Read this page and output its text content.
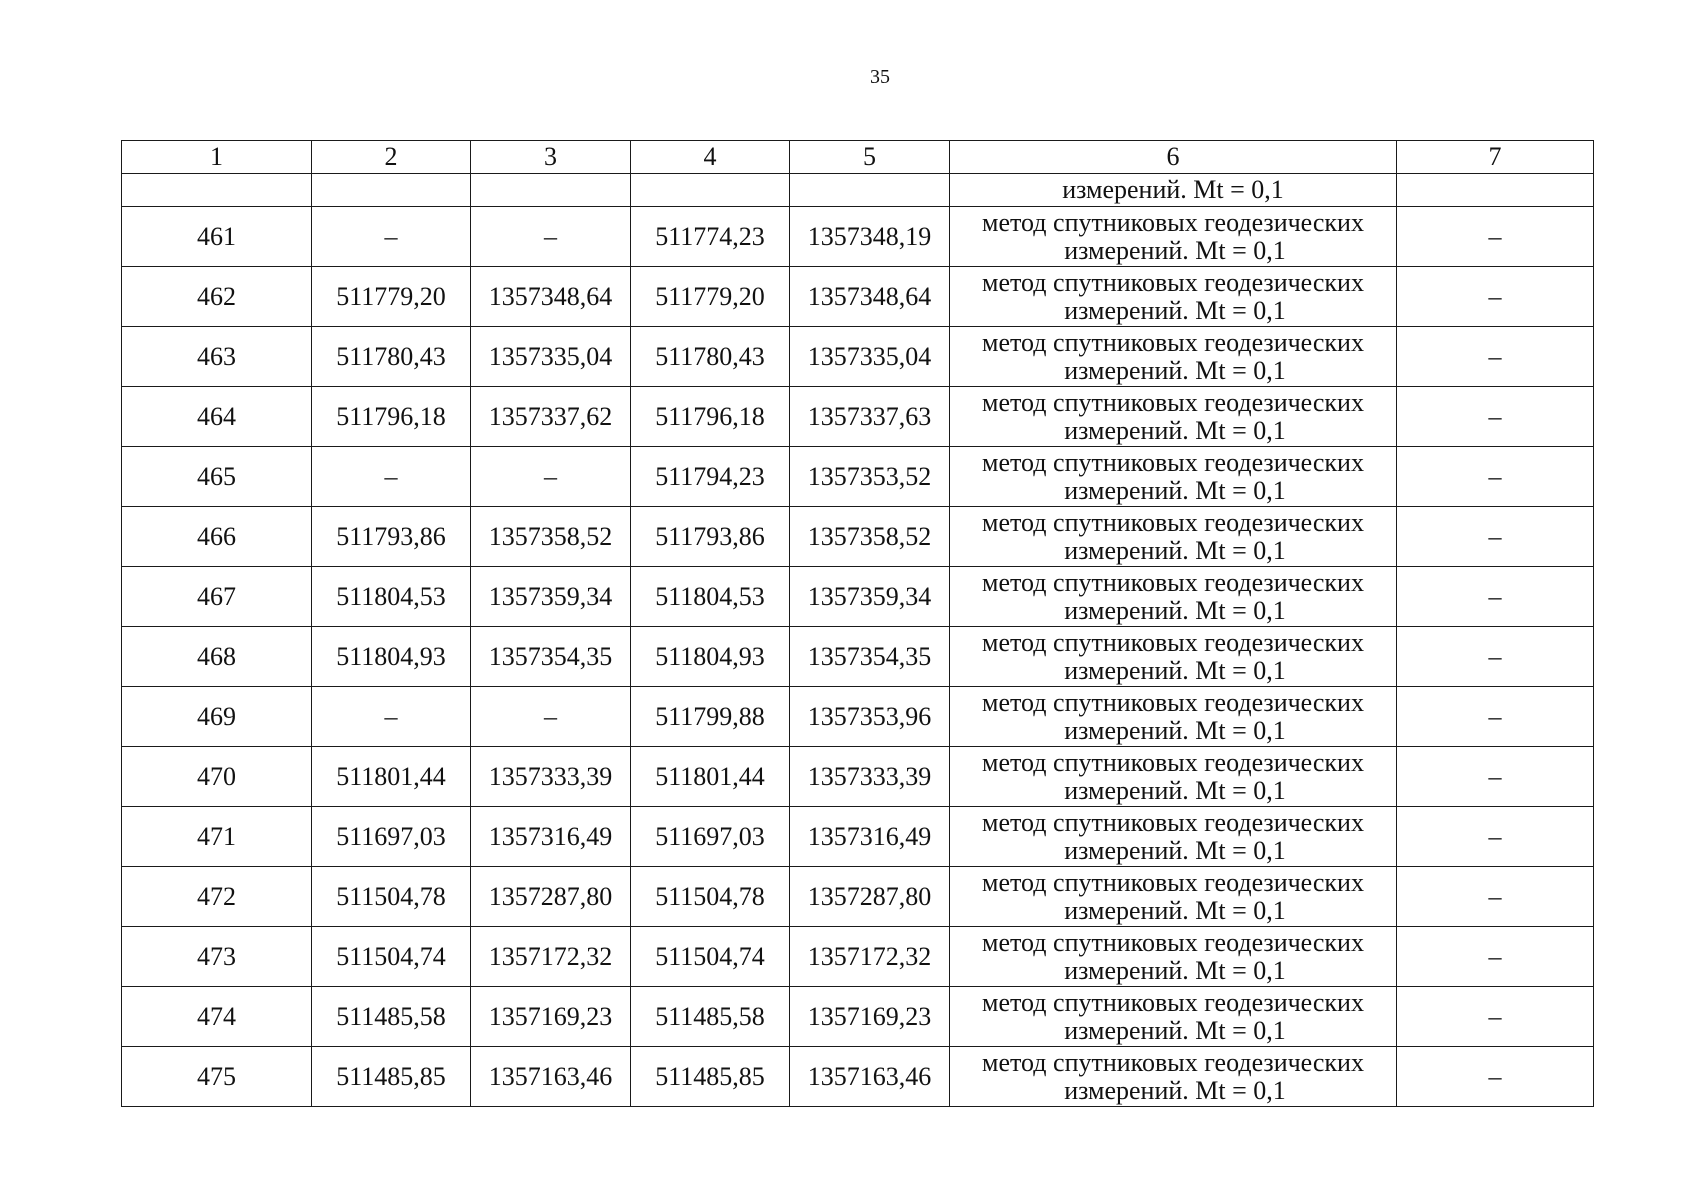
35
1	2	3	4	5	6	7
					измерений. Mt = 0,1	
461	–	–	511774,23	1357348,19	метод спутниковых геодезических
измерений. Mt = 0,1	–
462	511779,20	1357348,64	511779,20	1357348,64	метод спутниковых геодезических
измерений. Mt = 0,1	–
463	511780,43	1357335,04	511780,43	1357335,04	метод спутниковых геодезических
измерений. Mt = 0,1	–
464	511796,18	1357337,62	511796,18	1357337,63	метод спутниковых геодезических
измерений. Mt = 0,1	–
465	–	–	511794,23	1357353,52	метод спутниковых геодезических
измерений. Mt = 0,1	–
466	511793,86	1357358,52	511793,86	1357358,52	метод спутниковых геодезических
измерений. Mt = 0,1	–
467	511804,53	1357359,34	511804,53	1357359,34	метод спутниковых геодезических
измерений. Mt = 0,1	–
468	511804,93	1357354,35	511804,93	1357354,35	метод спутниковых геодезических
измерений. Mt = 0,1	–
469	–	–	511799,88	1357353,96	метод спутниковых геодезических
измерений. Mt = 0,1	–
470	511801,44	1357333,39	511801,44	1357333,39	метод спутниковых геодезических
измерений. Mt = 0,1	–
471	511697,03	1357316,49	511697,03	1357316,49	метод спутниковых геодезических
измерений. Mt = 0,1	–
472	511504,78	1357287,80	511504,78	1357287,80	метод спутниковых геодезических
измерений. Mt = 0,1	–
473	511504,74	1357172,32	511504,74	1357172,32	метод спутниковых геодезических
измерений. Mt = 0,1	–
474	511485,58	1357169,23	511485,58	1357169,23	метод спутниковых геодезических
измерений. Mt = 0,1	–
475	511485,85	1357163,46	511485,85	1357163,46	метод спутниковых геодезических
измерений. Mt = 0,1	–
